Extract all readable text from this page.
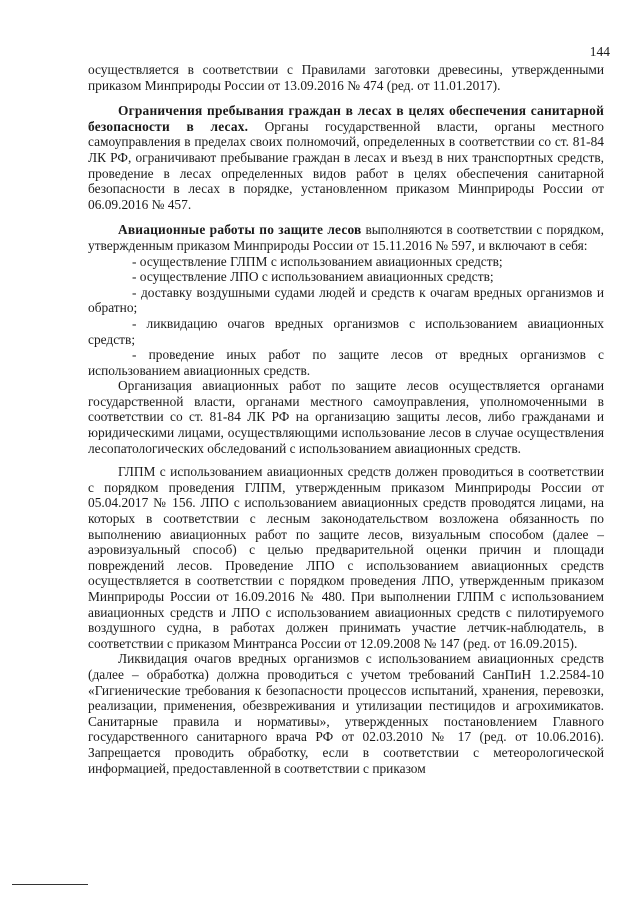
144

осуществляется в соответствии с Правилами заготовки древесины, утвержденными приказом Минприроды России от 13.09.2016 № 474 (ред. от 11.01.2017).

Ограничения пребывания граждан в лесах в целях обеспечения санитарной безопасности в лесах. Органы государственной власти, органы местного самоуправления в пределах своих полномочий, определенных в соответствии со ст. 81-84 ЛК РФ, ограничивают пребывание граждан в лесах и въезд в них транспортных средств, проведение в лесах определенных видов работ в целях обеспечения санитарной безопасности в лесах в порядке, установленном приказом Минприроды России от 06.09.2016 № 457.

Авиационные работы по защите лесов выполняются в соответствии с порядком, утвержденным приказом Минприроды России от 15.11.2016 № 597, и включают в себя:

- осуществление ГЛПМ с использованием авиационных средств;

- осуществление ЛПО с использованием авиационных средств;

- доставку воздушными судами людей и средств к очагам вредных организмов и обратно;

- ликвидацию очагов вредных организмов с использованием авиационных средств;

- проведение иных работ по защите лесов от вредных организмов с использованием авиационных средств.

Организация авиационных работ по защите лесов осуществляется органами государственной власти, органами местного самоуправления, уполномоченными в соответствии со ст. 81-84 ЛК РФ на организацию защиты лесов, либо гражданами и юридическими лицами, осуществляющими использование лесов в случае осуществления лесопатологических обследований с использованием авиационных средств.

ГЛПМ с использованием авиационных средств должен проводиться в соответствии с порядком проведения ГЛПМ, утвержденным приказом Минприроды России от 05.04.2017 № 156. ЛПО с использованием авиационных средств проводятся лицами, на которых в соответствии с лесным законодательством возложена обязанность по выполнению авиационных работ по защите лесов, визуальным способом (далее – аэровизуальный способ) с целью предварительной оценки причин и площади повреждений лесов. Проведение ЛПО с использованием авиационных средств осуществляется в соответствии с порядком проведения ЛПО, утвержденным приказом Минприроды России от 16.09.2016 № 480. При выполнении ГЛПМ с использованием авиационных средств и ЛПО с использованием авиационных средств с пилотируемого воздушного судна, в работах должен принимать участие летчик-наблюдатель, в соответствии с приказом Минтранса России от 12.09.2008 № 147 (ред. от 16.09.2015).

Ликвидация очагов вредных организмов с использованием авиационных средств (далее – обработка) должна проводиться с учетом требований СанПиН 1.2.2584-10 «Гигиенические требования к безопасности процессов испытаний, хранения, перевозки, реализации, применения, обезвреживания и утилизации пестицидов и агрохимикатов. Санитарные правила и нормативы», утвержденных постановлением Главного государственного санитарного врача РФ от 02.03.2010 № 17 (ред. от 10.06.2016). Запрещается проводить обработку, если в соответствии с метеорологической информацией, предоставленной в соответствии с приказом
